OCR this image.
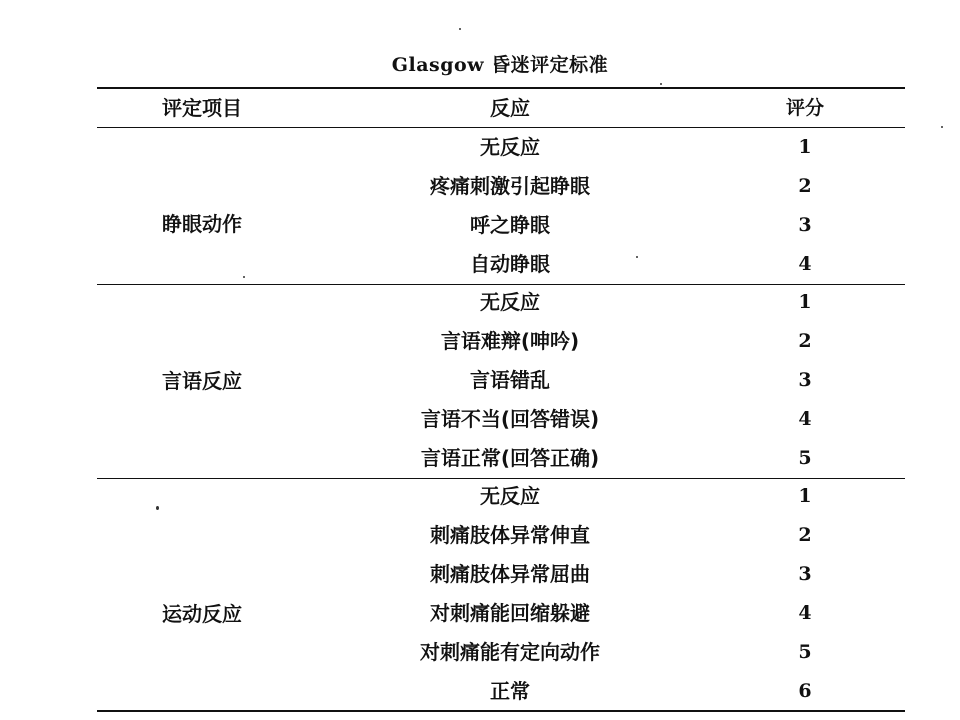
Glasgow 昏迷评定标准
评定项目	反应	评分
睁眼动作
无反应	1
疼痛刺激引起睁眼	2
呼之睁眼	3
自动睁眼	4
言语反应
无反应	1
言语难辩(呻吟)	2
言语错乱	3
言语不当(回答错误)	4
言语正常(回答正确)	5
运动反应
无反应	1
刺痛肢体异常伸直	2
刺痛肢体异常屈曲	3
对刺痛能回缩躲避	4
对刺痛能有定向动作	5
正常	6
